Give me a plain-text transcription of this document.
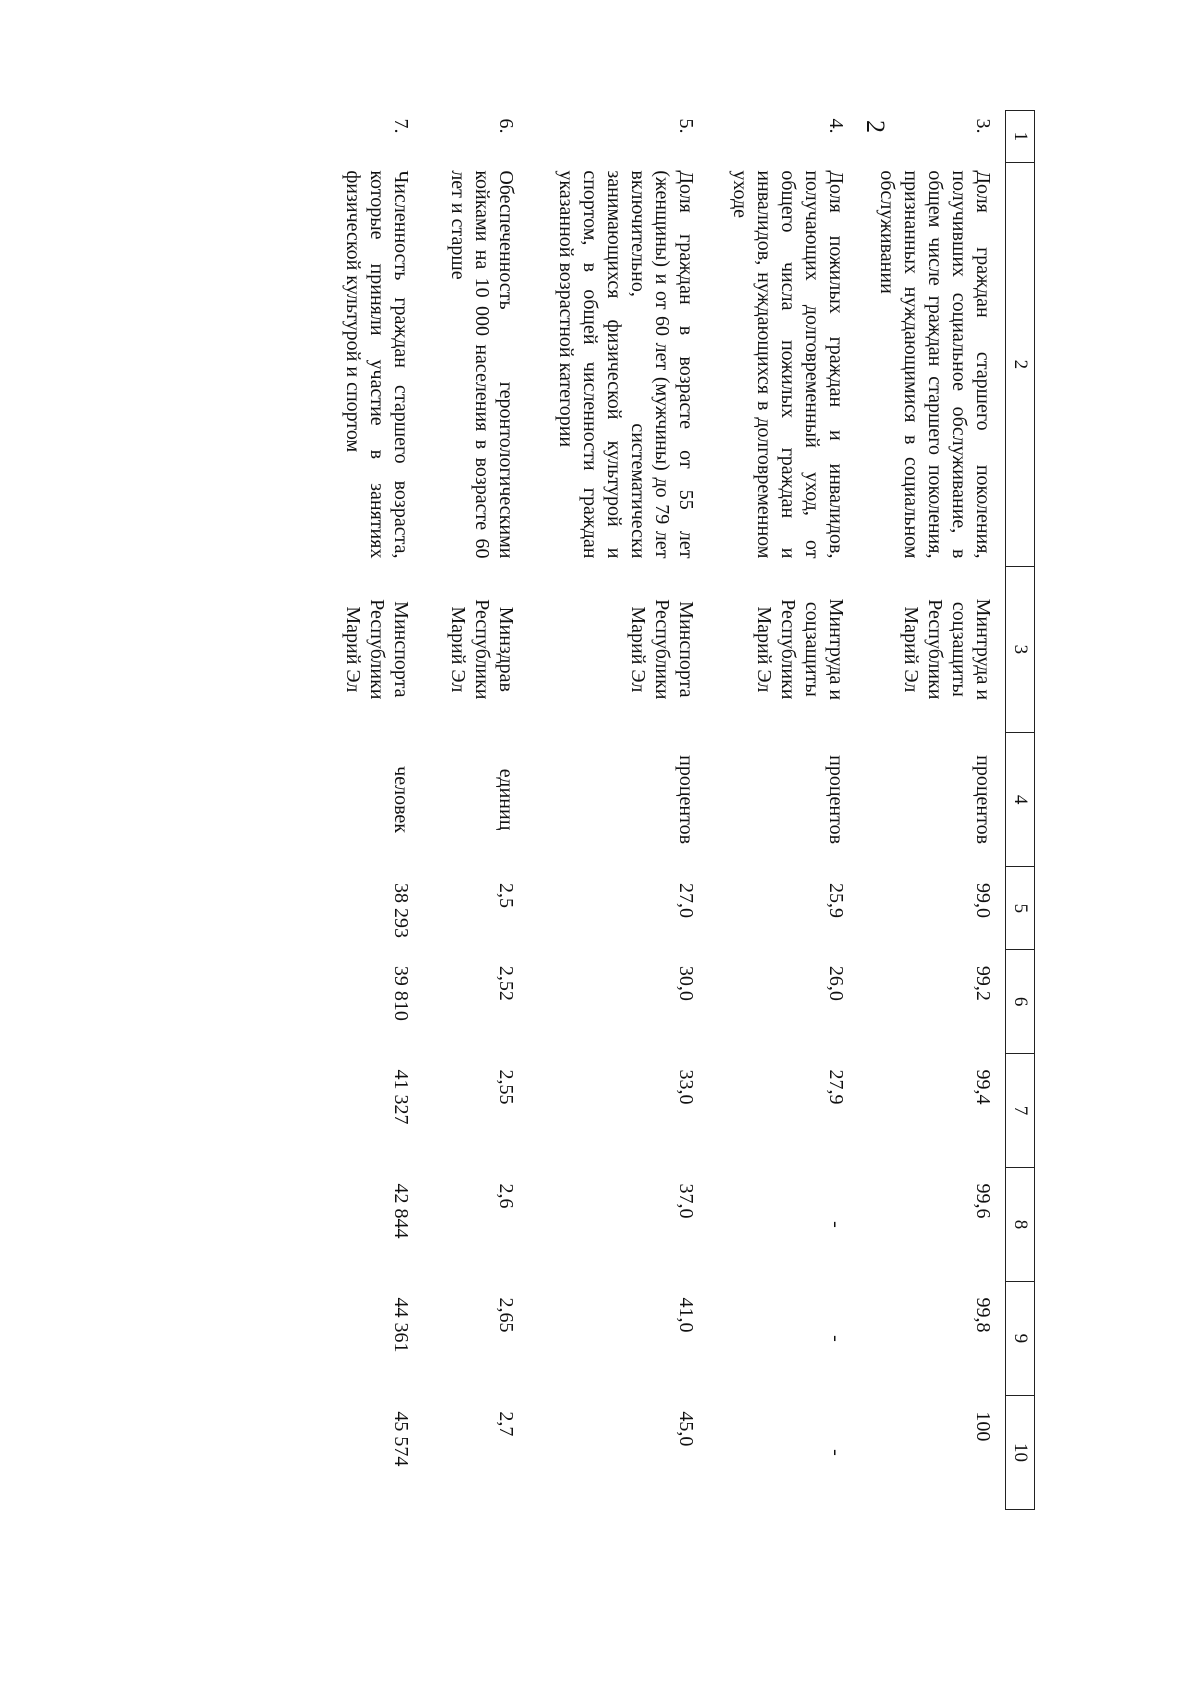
2
1	2	3	4	5	6	7	8	9	10
3.	Доля граждан старшего поколения, получивших социальное обслуживание, в общем числе граждан старшего поколения, признанных нуждающимися в социальном обслуживании	Минтруда и соцзащиты Республики Марий Эл	процентов	99,0	99,2	99,4	99,6	99,8	100
4.	Доля пожилых граждан и инвалидов, получающих долговременный уход, от общего числа пожилых граждан и инвалидов, нуждающихся в долговременном уходе	Минтруда и соцзащиты Республики Марий Эл	процентов	25,9	26,0	27,9	-	-	-
5.	Доля граждан в возрасте от 55 лет (женщины) и от 60 лет (мужчины) до 79 лет включительно, систематически занимающихся физической культурой и спортом, в общей численности граждан указанной возрастной категории	Минспорта Республики Марий Эл	процентов	27,0	30,0	33,0	37,0	41,0	45,0
6.	Обеспеченность геронтологическими койками на 10 000 населения в возрасте 60 лет и старше	Минздрав Республики Марий Эл	единиц	2,5	2,52	2,55	2,6	2,65	2,7
7.	Численность граждан старшего возраста, которые приняли участие в занятиях физической культурой и спортом	Минспорта Республики Марий Эл	человек	38 293	39 810	41 327	42 844	44 361	45 574
